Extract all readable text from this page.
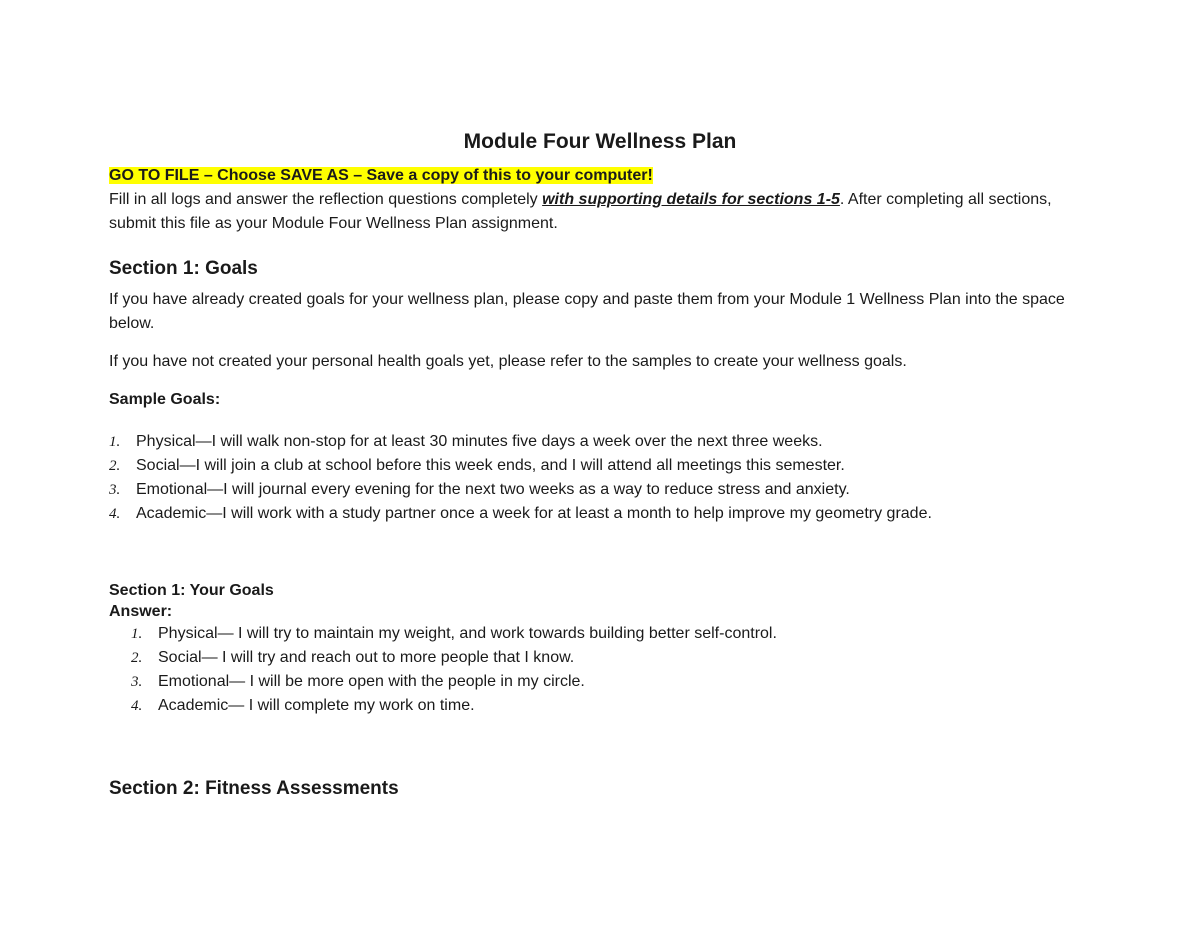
Module Four Wellness Plan

GO TO FILE – Choose SAVE AS – Save a copy of this to your computer!

Fill in all logs and answer the reflection questions completely with supporting details for sections 1-5. After completing all sections, submit this file as your Module Four Wellness Plan assignment.

Section 1: Goals

If you have already created goals for your wellness plan, please copy and paste them from your Module 1 Wellness Plan into the space below.

If you have not created your personal health goals yet, please refer to the samples to create your wellness goals.

Sample Goals:

1. Physical—I will walk non-stop for at least 30 minutes five days a week over the next three weeks.
2. Social—I will join a club at school before this week ends, and I will attend all meetings this semester.
3. Emotional—I will journal every evening for the next two weeks as a way to reduce stress and anxiety.
4. Academic—I will work with a study partner once a week for at least a month to help improve my geometry grade.

Section 1: Your Goals

Answer:

1. Physical— I will try to maintain my weight, and work towards building better self-control.
2. Social— I will try and reach out to more people that I know.
3. Emotional— I will be more open with the people in my circle.
4. Academic— I will complete my work on time.
Section 2: Fitness Assessments
